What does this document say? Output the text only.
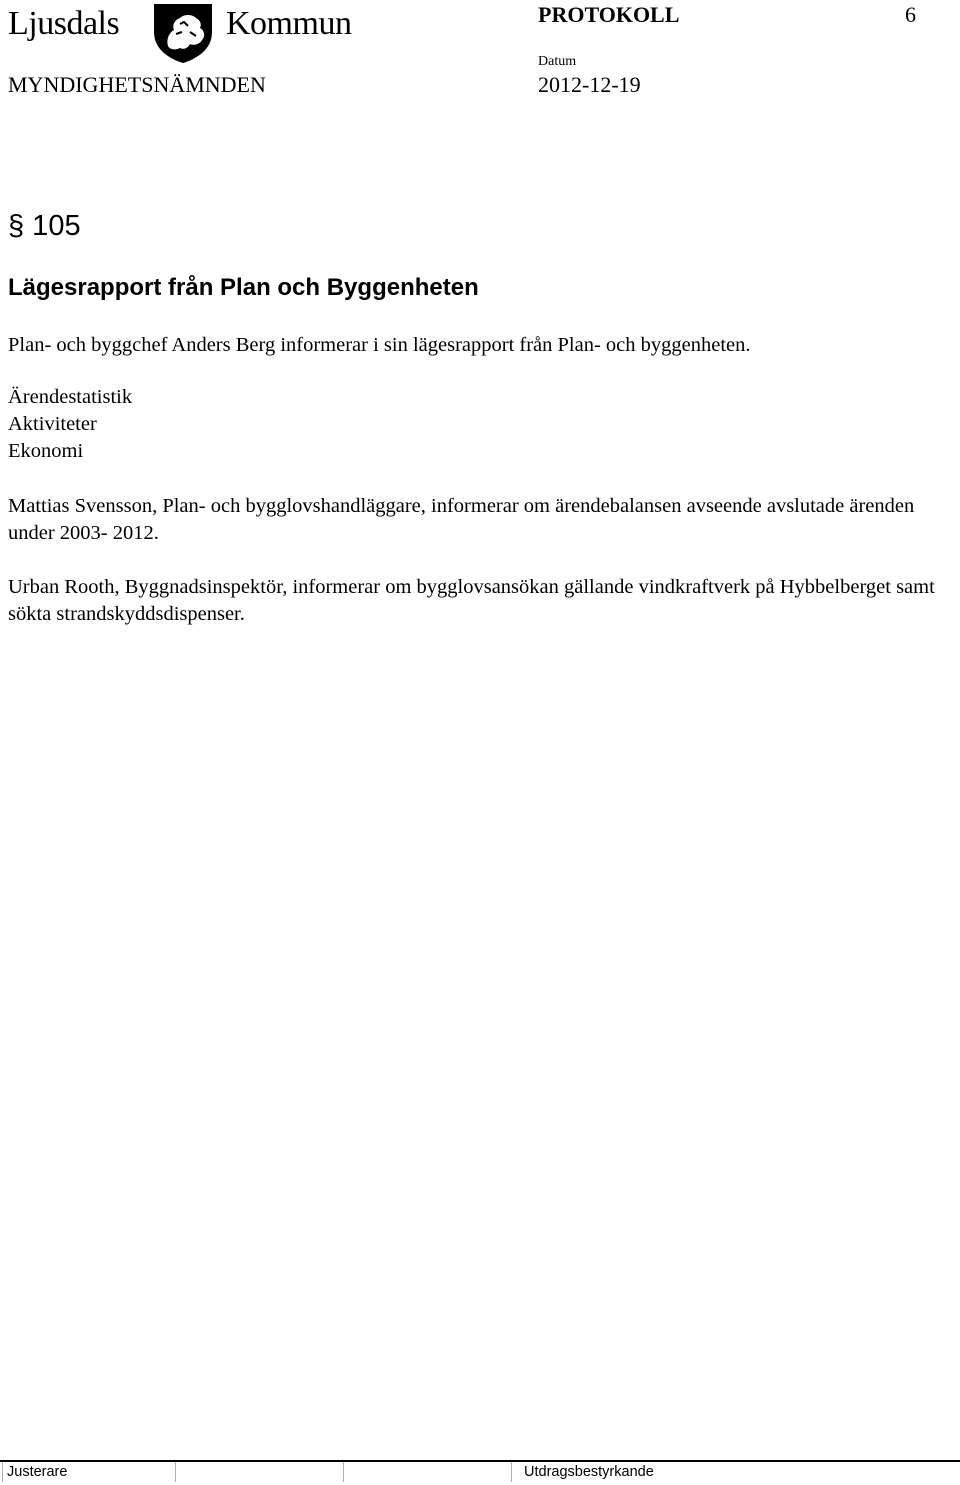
Ljusdals	Kommun	PROTOKOLL	6
MYNDIGHETSNÄMNDEN
Datum
2012-12-19
§ 105
Lägesrapport från Plan och Byggenheten
Plan- och byggchef Anders Berg informerar i sin lägesrapport från Plan- och byggenheten.
Ärendestatistik
Aktiviteter
Ekonomi
Mattias Svensson, Plan- och bygglovshandläggare, informerar om ärendebalansen avseende avslutade ärenden under 2003- 2012.
Urban Rooth, Byggnadsinspektör, informerar om bygglovsansökan gällande vindkraftverk på Hybbelberget samt sökta strandskyddsdispenser.
Justerare	Utdragsbestyrkande
